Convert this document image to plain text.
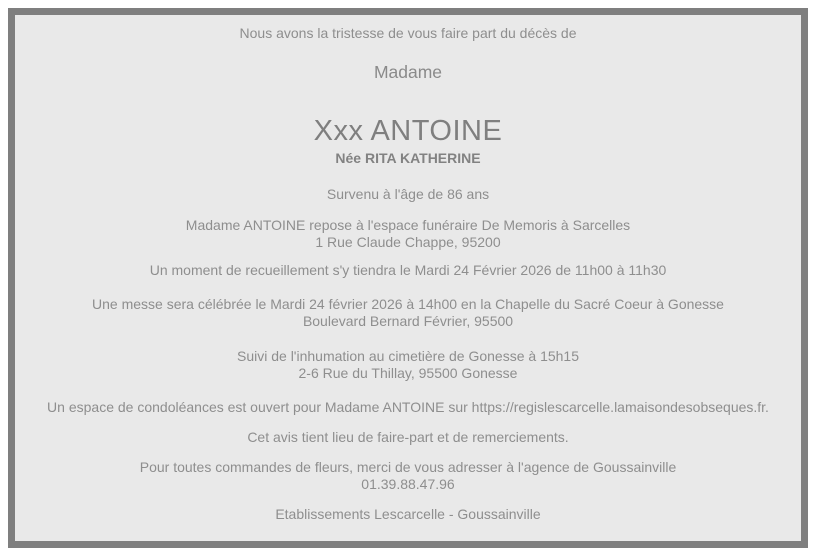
Nous avons la tristesse de vous faire part du décès de

Madame

Xxx ANTOINE

Née RITA KATHERINE

Survenu à l'âge de 86 ans

Madame ANTOINE repose à l'espace funéraire De Memoris à Sarcelles

1 Rue Claude Chappe, 95200

Un moment de recueillement s'y tiendra le Mardi 24 Février 2026 de 11h00 à 11h30

Une messe sera célébrée le Mardi 24 février 2026 à 14h00 en la Chapelle du Sacré Coeur à Gonesse

Boulevard Bernard Février, 95500

Suivi de l'inhumation au cimetière de Gonesse à 15h15

2-6 Rue du Thillay, 95500 Gonesse

Un espace de condoléances est ouvert pour Madame ANTOINE sur https://regislescarcelle.lamaisondesobseques.fr.

Cet avis tient lieu de faire-part et de remerciements.

Pour toutes commandes de fleurs, merci de vous adresser à l'agence de Goussainville

01.39.88.47.96

Etablissements Lescarcelle - Goussainville
